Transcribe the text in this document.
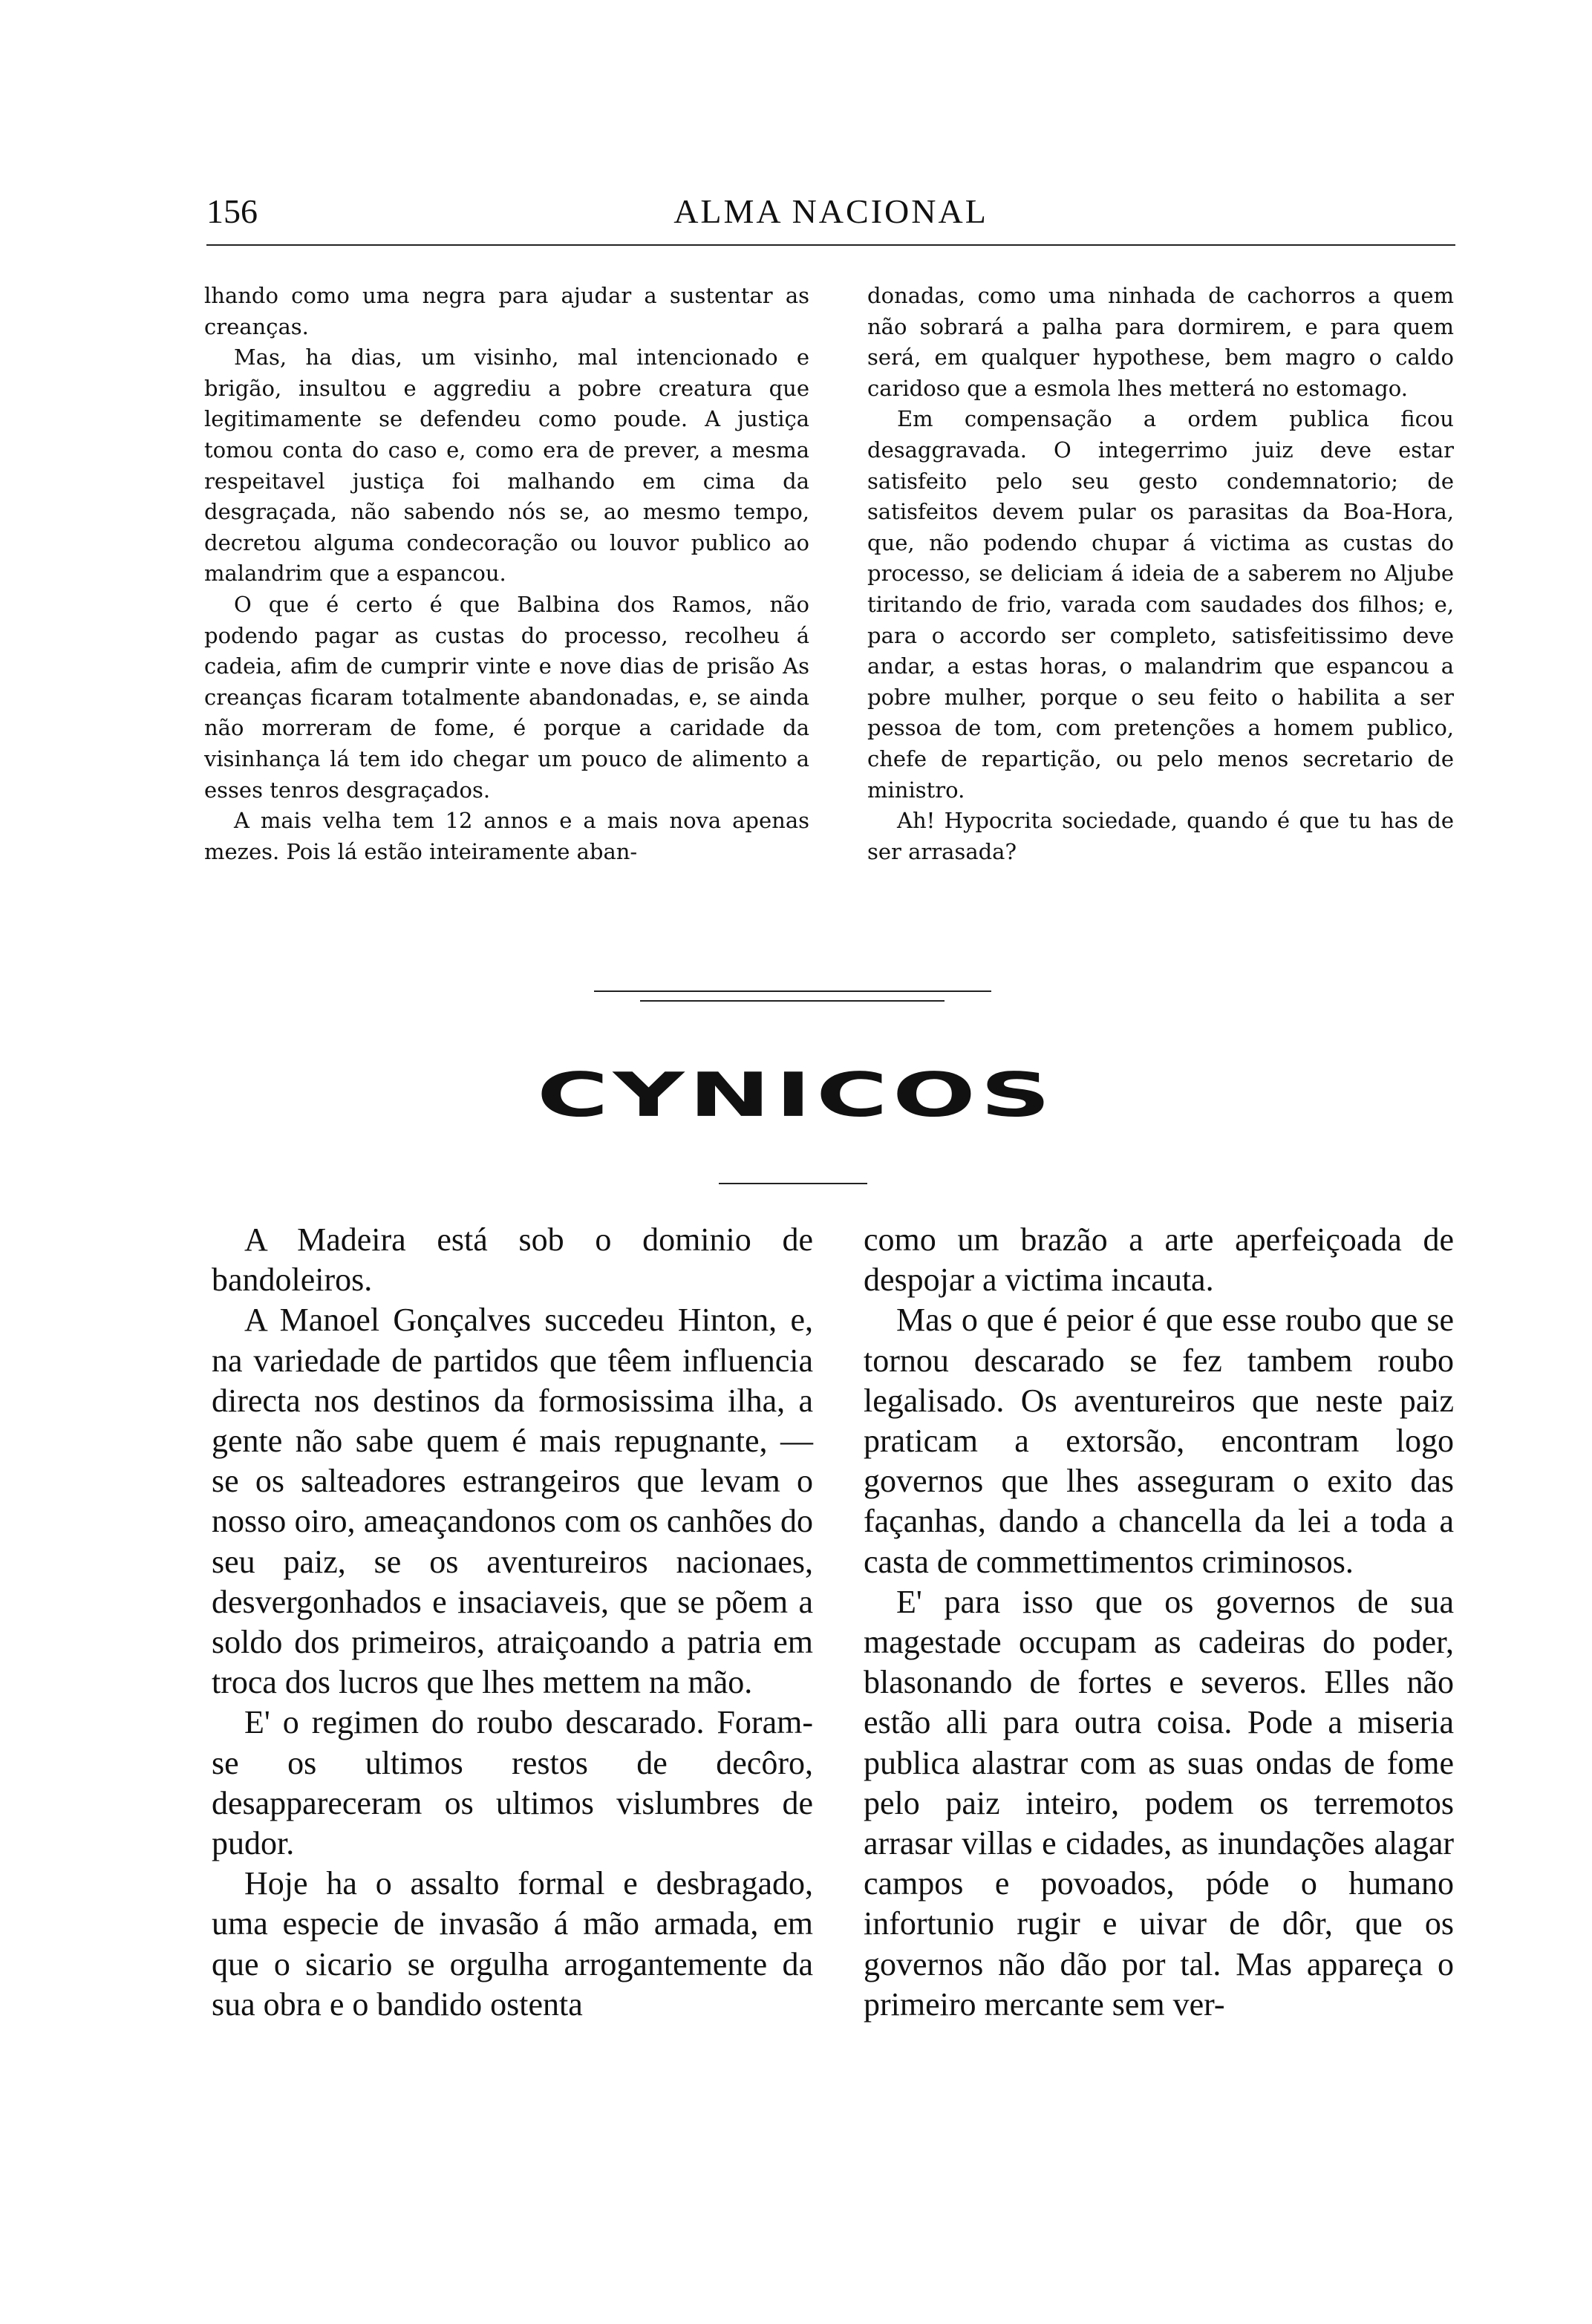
156	ALMA NACIONAL

lhando como uma negra para ajudar a sustentar as creanças.

Mas, ha dias, um visinho, mal intencionado e brigão, insultou e aggrediu a pobre creatura que legitimamente se defendeu como poude. A justiça tomou conta do caso e, como era de prever, a mesma respeitavel justiça foi malhando em cima da desgraçada, não sabendo nós se, ao mesmo tempo, decretou alguma condecoração ou louvor publico ao malandrim que a espancou.

O que é certo é que Balbina dos Ramos, não podendo pagar as custas do processo, recolheu á cadeia, afim de cumprir vinte e nove dias de prisão As creanças ficaram totalmente abandonadas, e, se ainda não morreram de fome, é porque a caridade da visinhança lá tem ido chegar um pouco de alimento a esses tenros desgraçados.

A mais velha tem 12 annos e a mais nova apenas mezes. Pois lá estão inteiramente aban-

donadas, como uma ninhada de cachorros a quem não sobrará a palha para dormirem, e para quem será, em qualquer hypothese, bem magro o caldo caridoso que a esmola lhes metterá no estomago.

Em compensação a ordem publica ficou desaggravada. O integerrimo juiz deve estar satisfeito pelo seu gesto condemnatorio; de satisfeitos devem pular os parasitas da Boa-Hora, que, não podendo chupar á victima as custas do processo, se deliciam á ideia de a saberem no Aljube tiritando de frio, varada com saudades dos filhos; e, para o accordo ser completo, satisfeitissimo deve andar, a estas horas, o malandrim que espancou a pobre mulher, porque o seu feito o habilita a ser pessoa de tom, com pretenções a homem publico, chefe de repartição, ou pelo menos secretario de ministro.

Ah! Hypocrita sociedade, quando é que tu has de ser arrasada?

CYNICOS

A Madeira está sob o dominio de bandoleiros.

A Manoel Gonçalves succedeu Hinton, e, na variedade de partidos que têem influencia directa nos destinos da formosissima ilha, a gente não sabe quem é mais repugnante, — se os salteadores estrangeiros que levam o nosso oiro, ameaçandonos com os canhões do seu paiz, se os aventureiros nacionaes, desvergonhados e insaciaveis, que se põem a soldo dos primeiros, atraiçoando a patria em troca dos lucros que lhes mettem na mão.

E' o regimen do roubo descarado. Foram-se os ultimos restos de decôro, desappareceram os ultimos vislumbres de pudor.

Hoje ha o assalto formal e desbragado, uma especie de invasão á mão armada, em que o sicario se orgulha arrogantemente da sua obra e o bandido ostenta

como um brazão a arte aperfeiçoada de despojar a victima incauta.

Mas o que é peior é que esse roubo que se tornou descarado se fez tambem roubo legalisado. Os aventureiros que neste paiz praticam a extorsão, encontram logo governos que lhes asseguram o exito das façanhas, dando a chancella da lei a toda a casta de commettimentos criminosos.

E' para isso que os governos de sua magestade occupam as cadeiras do poder, blasonando de fortes e severos. Elles não estão alli para outra coisa. Pode a miseria publica alastrar com as suas ondas de fome pelo paiz inteiro, podem os terremotos arrasar villas e cidades, as inundações alagar campos e povoados, póde o humano infortunio rugir e uivar de dôr, que os governos não dão por tal. Mas appareça o primeiro mercante sem ver-
